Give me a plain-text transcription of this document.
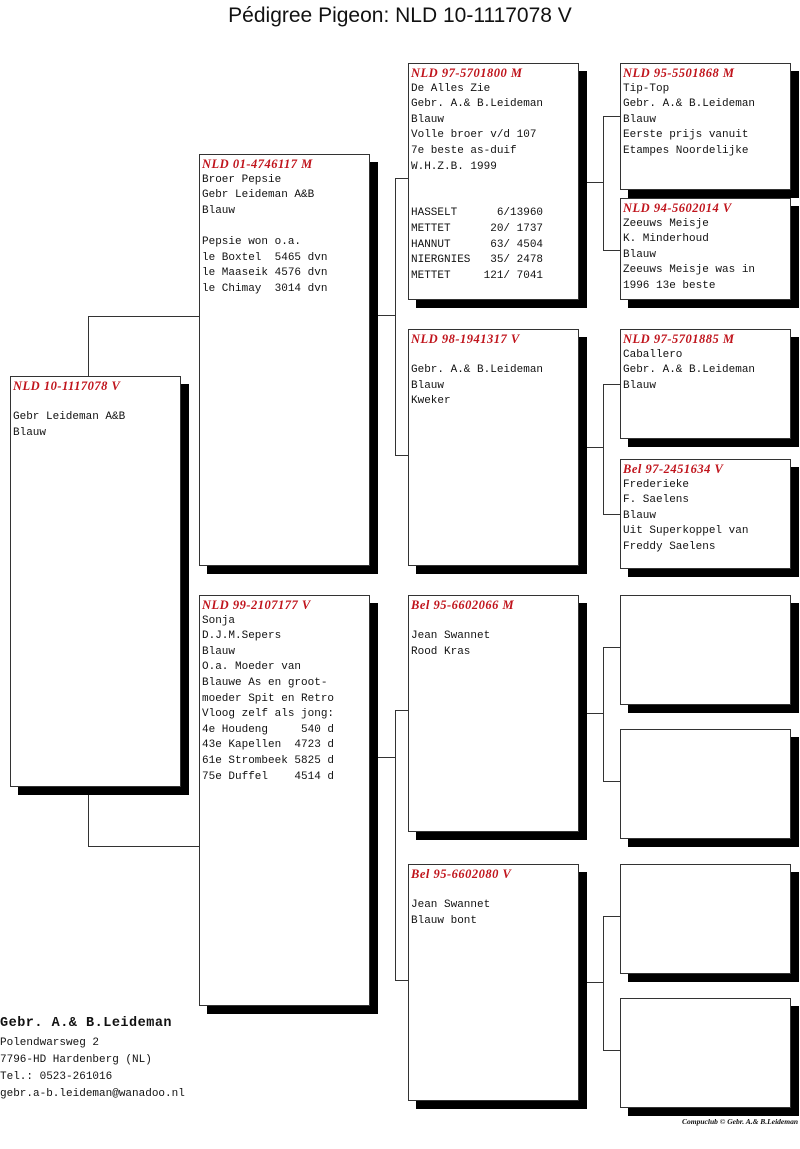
Pédigree Pigeon: NLD 10-1117078 V
NLD 10-1117078 V
Gebr Leideman A&B
Blauw
NLD 01-4746117 M
Broer Pepsie
Gebr Leideman A&B
Blauw
Pepsie won o.a.
le Boxtel  5465 dvn
le Maaseik 4576 dvn
le Chimay  3014 dvn
NLD 99-2107177 V
Sonja
D.J.M.Sepers
Blauw
O.a. Moeder van
Blauwe As en groot-
moeder Spit en Retro
Vloog zelf als jong:
4e Houdeng     540 d
43e Kapellen  4723 d
61e Strombeek 5825 d
75e Duffel    4514 d
NLD 97-5701800 M
De Alles Zie
Gebr. A.& B.Leideman
Blauw
Volle broer v/d 107
7e beste as-duif
W.H.Z.B. 1999
HASSELT      6/13960
METTET      20/ 1737
HANNUT      63/ 4504
NIERGNIES   35/ 2478
METTET     121/ 7041
NLD 98-1941317 V
Gebr. A.& B.Leideman
Blauw
Kweker
Bel 95-6602066 M
Jean Swannet
Rood Kras
Bel 95-6602080 V
Jean Swannet
Blauw bont
NLD 95-5501868 M
Tip-Top
Gebr. A.& B.Leideman
Blauw
Eerste prijs vanuit
Etampes Noordelijke
NLD 94-5602014 V
Zeeuws Meisje
K. Minderhoud
Blauw
Zeeuws Meisje was in
1996 13e beste
NLD 97-5701885 M
Caballero
Gebr. A.& B.Leideman
Blauw
Bel 97-2451634 V
Frederieke
F. Saelens
Blauw
Uit Superkoppel van
Freddy Saelens
Gebr. A.& B.Leideman
Polendwarsweg 2
7796-HD Hardenberg (NL)
Tel.: 0523-261016
gebr.a-b.leideman@wanadoo.nl
Compuclub © Gebr. A.& B.Leideman
